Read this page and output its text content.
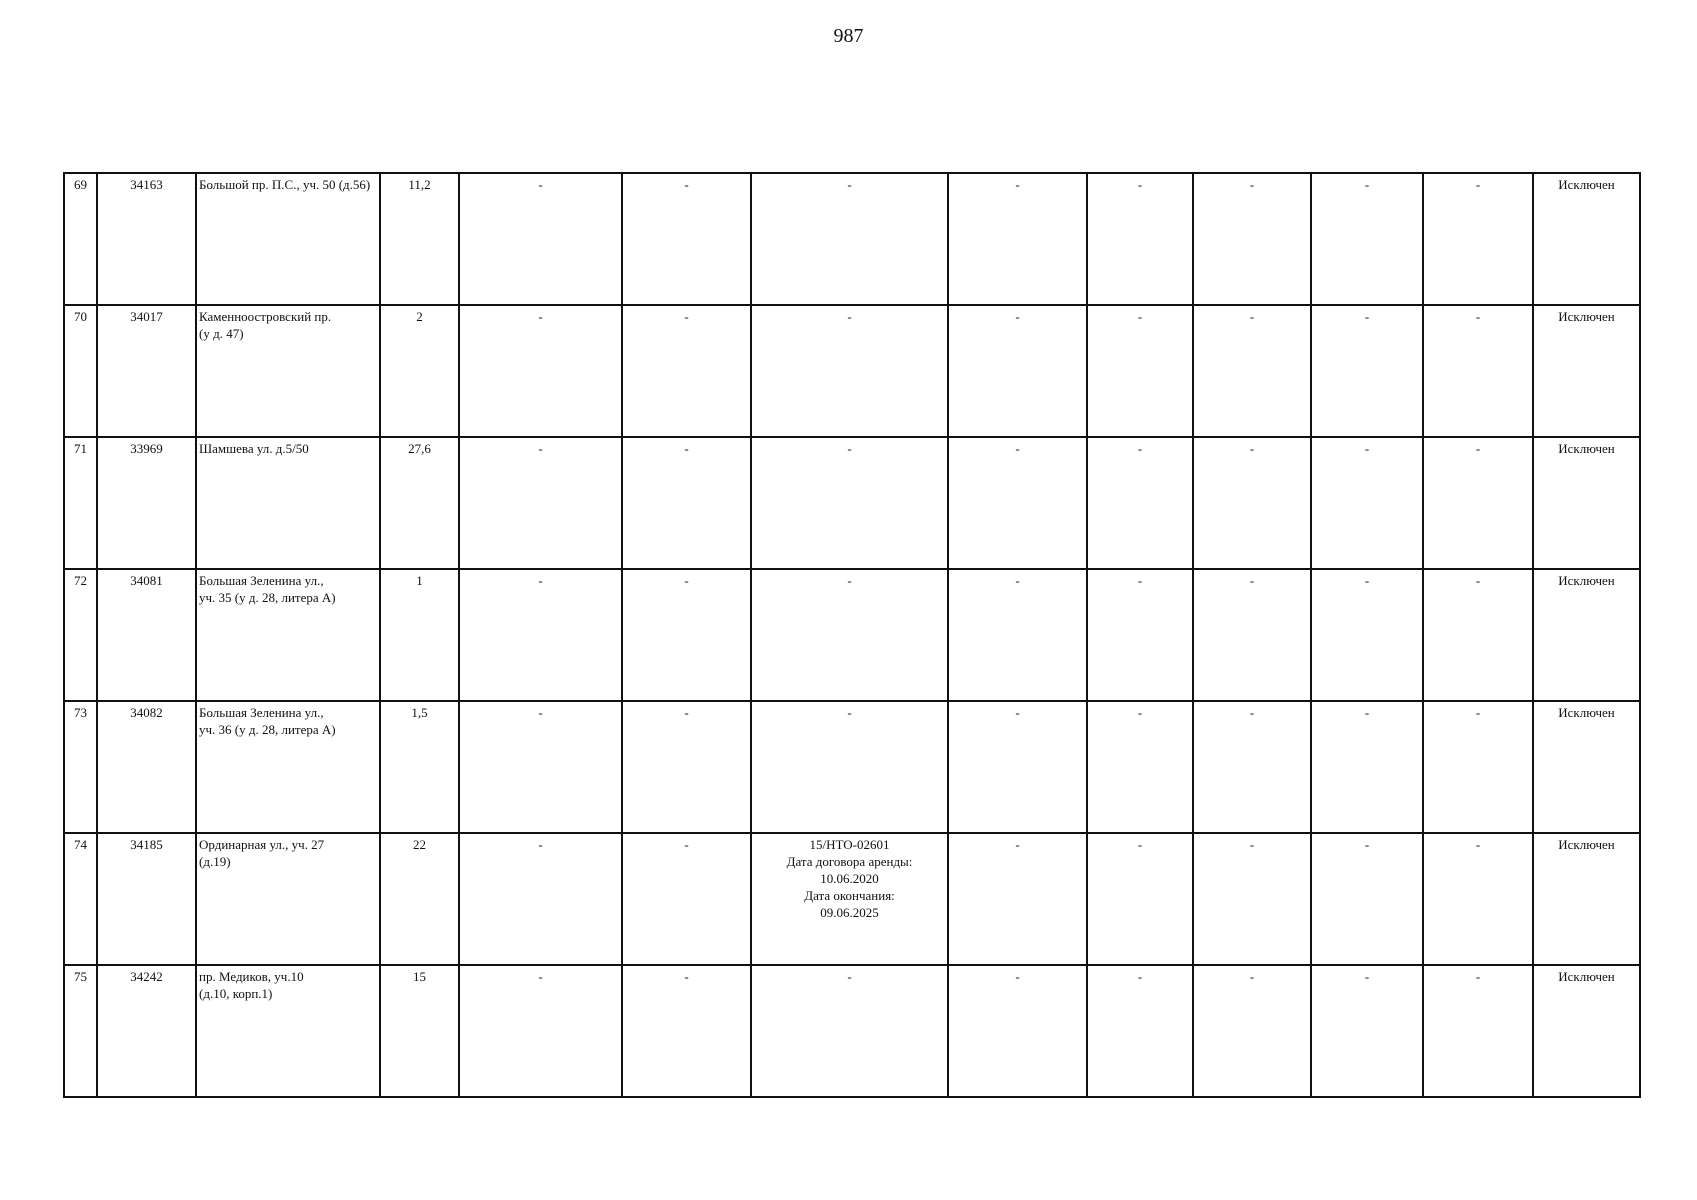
987
69	34163	Большой пр. П.С., уч. 50 (д.56)	11,2	-	-	-	-	-	-	-	-	Исключен
70	34017	Каменноостровский пр.
(у д. 47)	2	-	-	-	-	-	-	-	-	Исключен
71	33969	Шамшева ул. д.5/50	27,6	-	-	-	-	-	-	-	-	Исключен
72	34081	Большая Зеленина ул.,
уч. 35 (у д. 28, литера А)	1	-	-	-	-	-	-	-	-	Исключен
73	34082	Большая Зеленина ул.,
уч. 36 (у д. 28, литера А)	1,5	-	-	-	-	-	-	-	-	Исключен
74	34185	Ординарная ул., уч. 27
(д.19)	22	-	-	15/НТО-02601
Дата договора аренды:
10.06.2020
Дата окончания:
09.06.2025	-	-	-	-	-	Исключен
75	34242	пр. Медиков, уч.10
(д.10, корп.1)	15	-	-	-	-	-	-	-	-	Исключен
